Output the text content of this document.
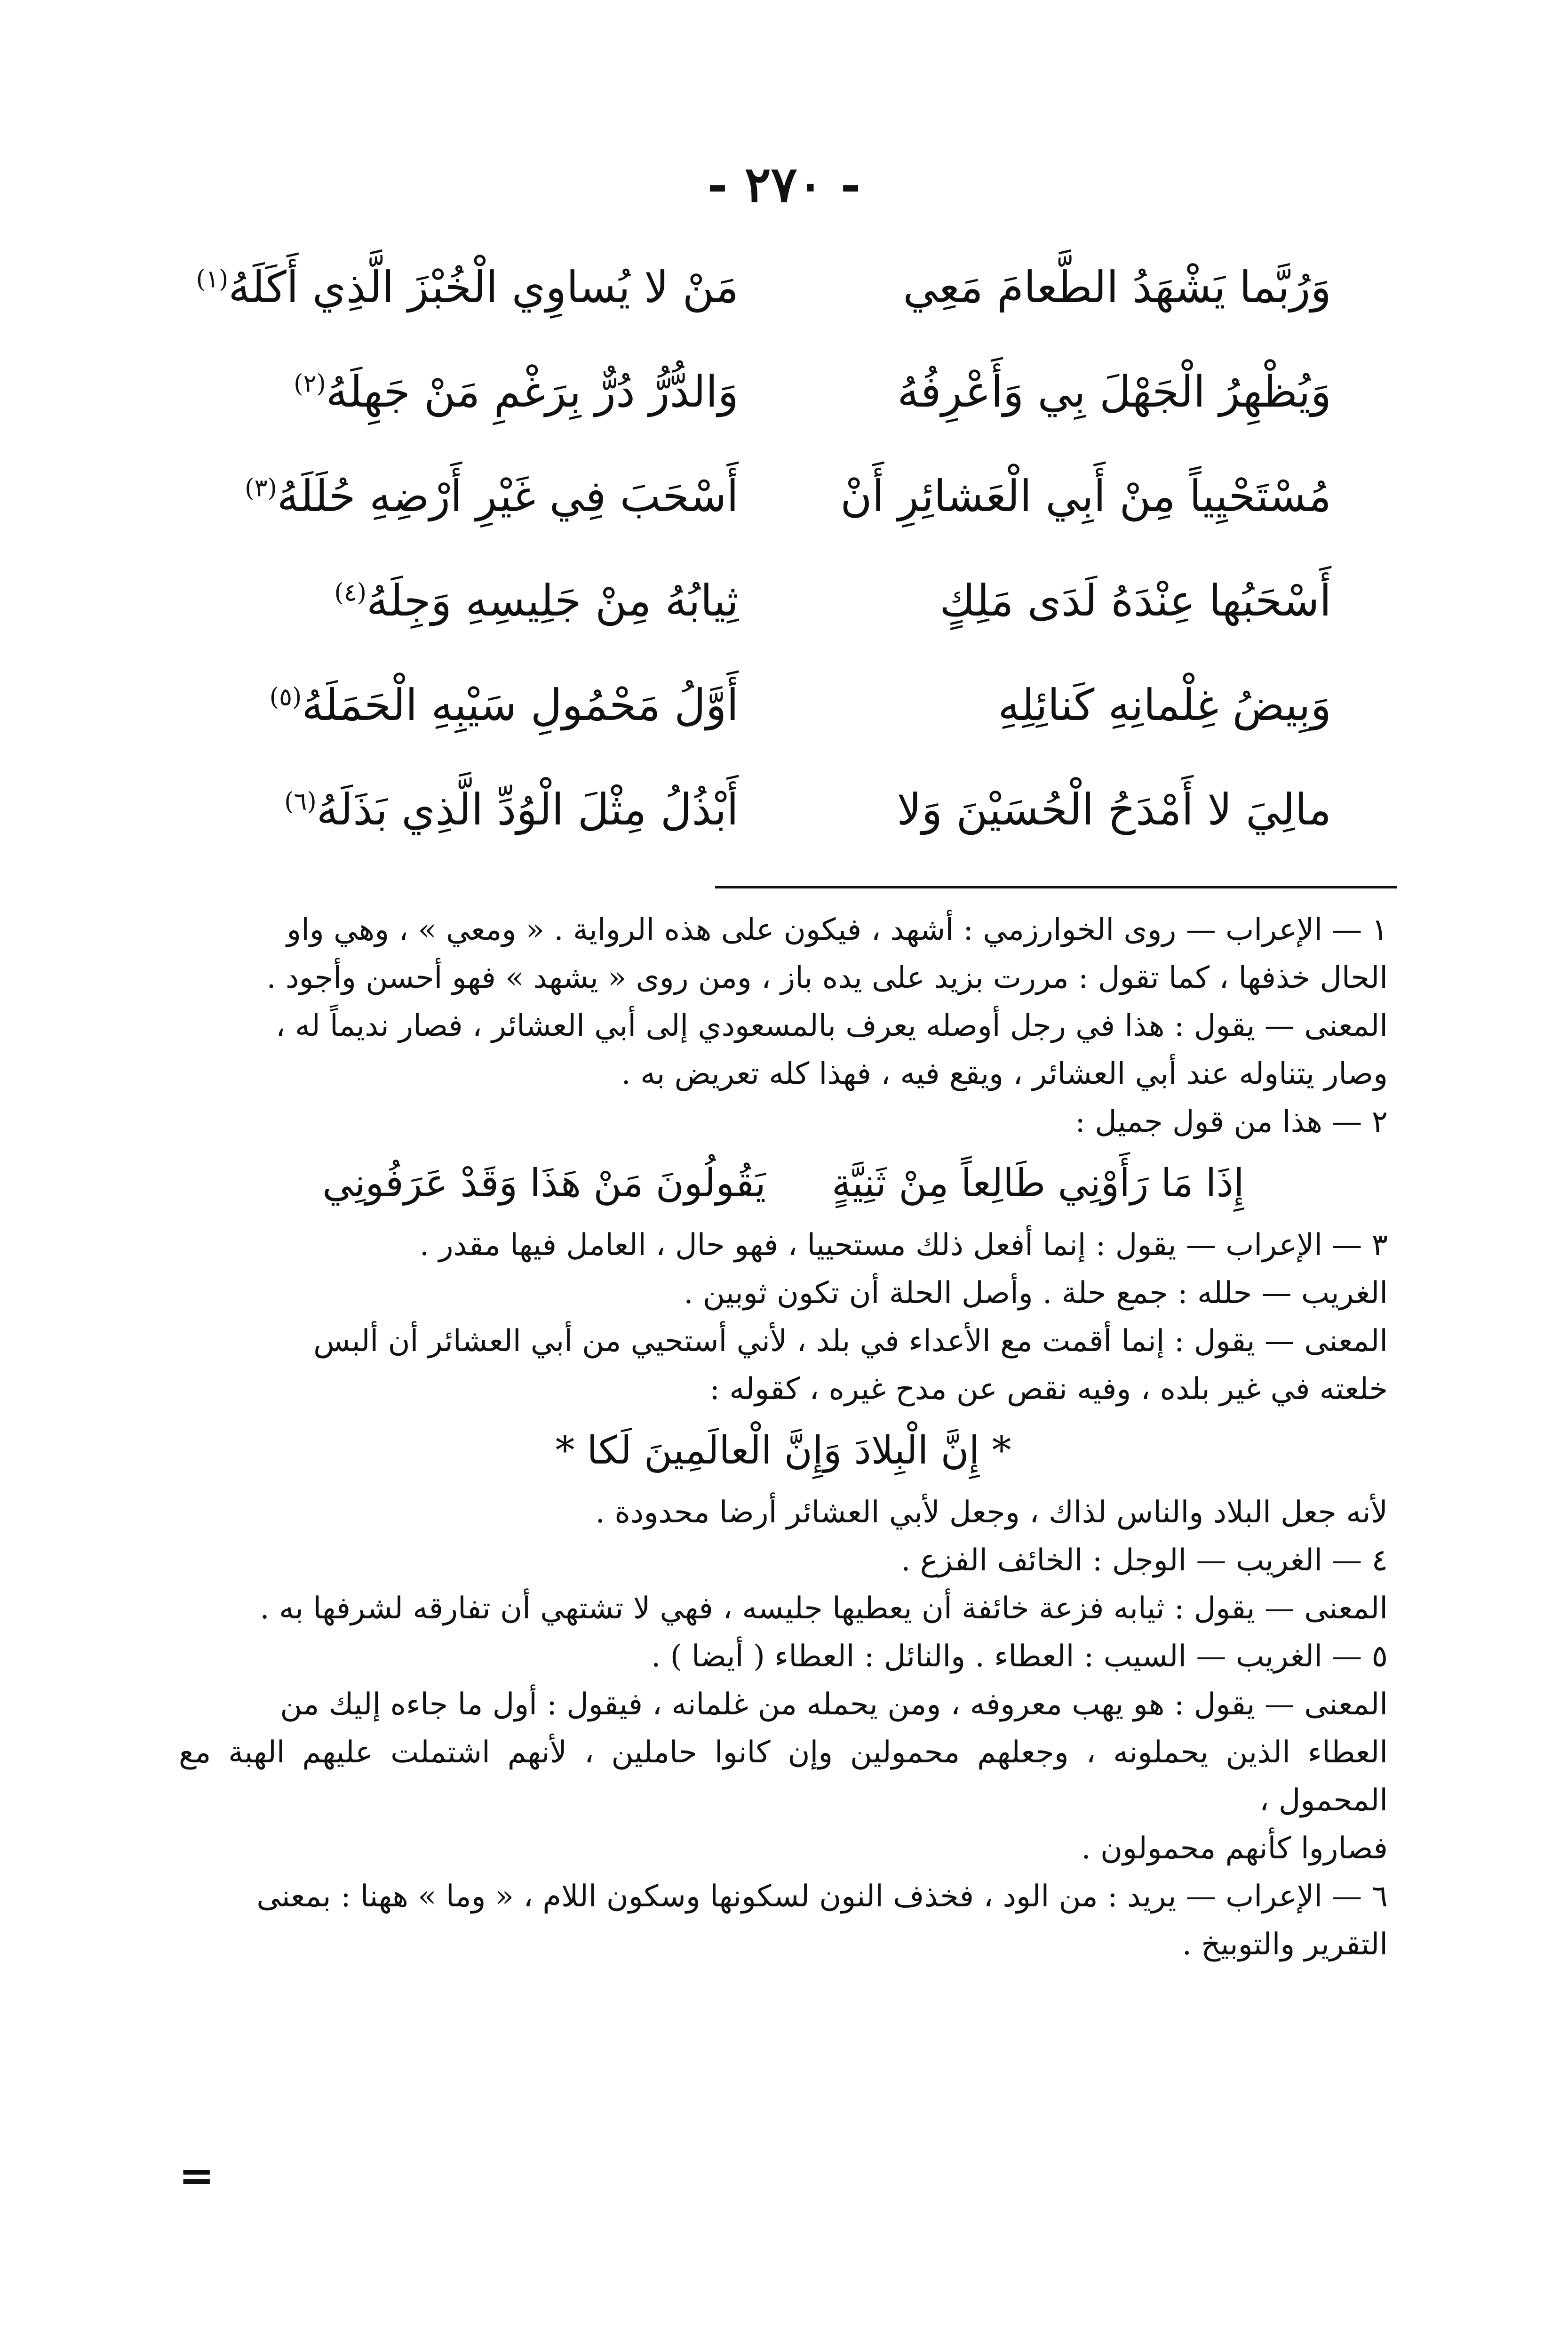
- ٢٧٠ -
وَرُبَّما يَشْهَدُ الطَّعامَ مَعِي
مَنْ لا يُساوِي الْخُبْزَ الَّذِي أَكَلَهُ$^{(١)}$
وَيُظْهِرُ الْجَهْلَ بِي وَأَعْرِفُهُ
وَالدُّرُّ دُرٌّ بِرَغْمِ مَنْ جَهِلَهُ$^{(٢)}$
مُسْتَحْيِياً مِنْ أَبِي الْعَشائِرِ أَنْ
أَسْحَبَ فِي غَيْرِ أَرْضِهِ حُلَلَهُ$^{(٣)}$
أَسْحَبُها عِنْدَهُ لَدَى مَلِكٍ
ثِيابُهُ مِنْ جَلِيسِهِ وَجِلَهُ$^{(٤)}$
وَبِيضُ غِلْمانِهِ كَنائِلِهِ
أَوَّلُ مَحْمُولِ سَيْبِهِ الْحَمَلَهُ$^{(٥)}$
مالِيَ لا أَمْدَحُ الْحُسَيْنَ وَلا
أَبْذُلُ مِثْلَ الْوُدِّ الَّذِي بَذَلَهُ$^{(٦)}$

١ — الإعراب — روى الخوارزمي : أشهد ، فيكون على هذه الرواية . « ومعي » ، وهي واو

الحال خذفها ، كما تقول : مررت بزيد على يده باز ، ومن روى « يشهد » فهو أحسن وأجود .

المعنى — يقول : هذا في رجل أوصله يعرف بالمسعودي إلى أبي العشائر ، فصار نديماً له ،

وصار يتناوله عند أبي العشائر ، ويقع فيه ، فهذا كله تعريض به .

٢ — هذا من قول جميل :

إِذَا مَا رَأَوْنِي طَالِعاً مِنْ ثَنِيَّةٍ
يَقُولُونَ مَنْ هَذَا وَقَدْ عَرَفُونِي

٣ — الإعراب — يقول : إنما أفعل ذلك مستحييا ، فهو حال ، العامل فيها مقدر .

الغريب — حلله : جمع حلة . وأصل الحلة أن تكون ثوبين .

المعنى — يقول : إنما أقمت مع الأعداء في بلد ، لأني أستحيي من أبي العشائر أن ألبس

خلعته في غير بلده ، وفيه نقص عن مدح غيره ، كقوله :

* إِنَّ الْبِلادَ وَإِنَّ الْعالَمِينَ لَكا *

لأنه جعل البلاد والناس لذاك ، وجعل لأبي العشائر أرضا محدودة .

٤ — الغريب — الوجل : الخائف الفزع .

المعنى — يقول : ثيابه فزعة خائفة أن يعطيها جليسه ، فهي لا تشتهي أن تفارقه لشرفها به .

٥ — الغريب — السيب : العطاء . والنائل : العطاء ( أيضا ) .

المعنى — يقول : هو يهب معروفه ، ومن يحمله من غلمانه ، فيقول : أول ما جاءه إليك من

العطاء الذين يحملونه ، وجعلهم محمولين وإن كانوا حاملين ، لأنهم اشتملت عليهم الهبة مع المحمول ،

فصاروا كأنهم محمولون .

٦ — الإعراب — يريد : من الود ، فخذف النون لسكونها وسكون اللام ، « وما » ههنا : بمعنى

التقرير والتوبيخ .

=
